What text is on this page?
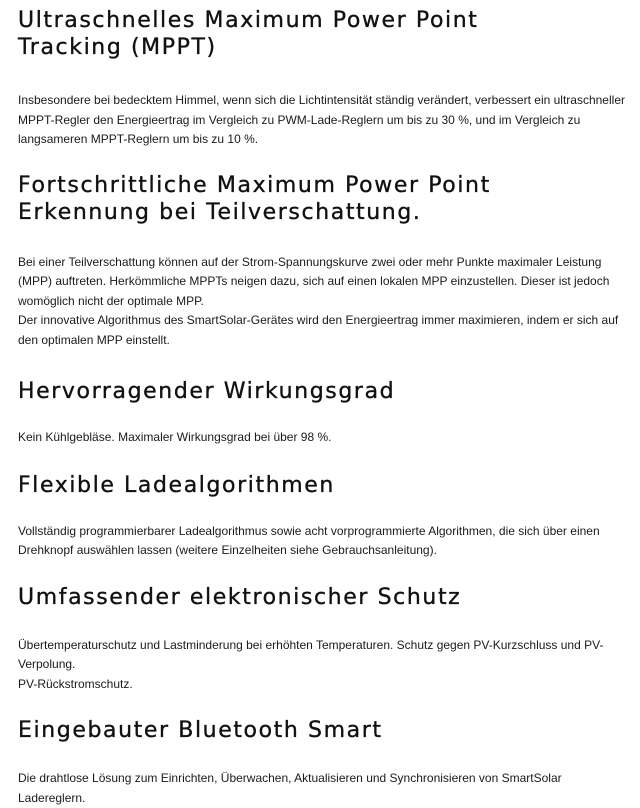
Ultraschnelles Maximum Power Point
Tracking (MPPT)

Insbesondere bei bedecktem Himmel, wenn sich die Lichtintensität ständig verändert, verbessert ein ultraschneller MPPT-Regler den Energieertrag im Vergleich zu PWM-Lade-Reglern um bis zu 30 %, und im Vergleich zu langsameren MPPT-Reglern um bis zu 10 %.

Fortschrittliche Maximum Power Point
Erkennung bei Teilverschattung.

Bei einer Teilverschattung können auf der Strom-Spannungskurve zwei oder mehr Punkte maximaler Leistung (MPP) auftreten. Herkömmliche MPPTs neigen dazu, sich auf einen lokalen MPP einzustellen. Dieser ist jedoch womöglich nicht der optimale MPP.
Der innovative Algorithmus des SmartSolar-Gerätes wird den Energieertrag immer maximieren, indem er sich auf den optimalen MPP einstellt.

Hervorragender Wirkungsgrad

Kein Kühlgebläse. Maximaler Wirkungsgrad bei über 98 %.

Flexible Ladealgorithmen

Vollständig programmierbarer Ladealgorithmus sowie acht vorprogrammierte Algorithmen, die sich über einen Drehknopf auswählen lassen (weitere Einzelheiten siehe Gebrauchsanleitung).

Umfassender elektronischer Schutz

Übertemperaturschutz und Lastminderung bei erhöhten Temperaturen. Schutz gegen PV-Kurzschluss und PV-Verpolung.
PV-Rückstromschutz.

Eingebauter Bluetooth Smart

Die drahtlose Lösung zum Einrichten, Überwachen, Aktualisieren und Synchronisieren von SmartSolar Ladereglern.
